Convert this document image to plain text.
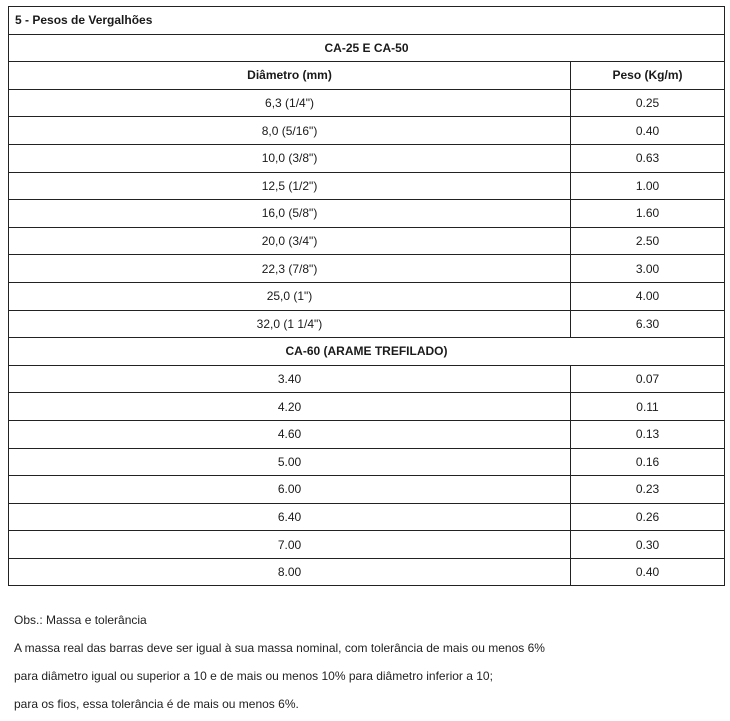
5 - Pesos de Vergalhões	
CA-25 E CA-50	
Diâmetro (mm)	Peso (Kg/m)
6,3 (1/4")	0.25
8,0 (5/16")	0.40
10,0 (3/8")	0.63
12,5 (1/2")	1.00
16,0 (5/8")	1.60
20,0 (3/4")	2.50
22,3 (7/8")	3.00
25,0 (1")	4.00
32,0 (1 1/4")	6.30
CA-60 (ARAME TREFILADO)	
3.40	0.07
4.20	0.11
4.60	0.13
5.00	0.16
6.00	0.23
6.40	0.26
7.00	0.30
8.00	0.40

Obs.: Massa e tolerância

A massa real das barras deve ser igual à sua massa nominal, com tolerância de mais ou menos 6%

para diâmetro igual ou superior a 10 e de mais ou menos 10% para diâmetro inferior a 10;

para os fios, essa tolerância é de mais ou menos 6%.
